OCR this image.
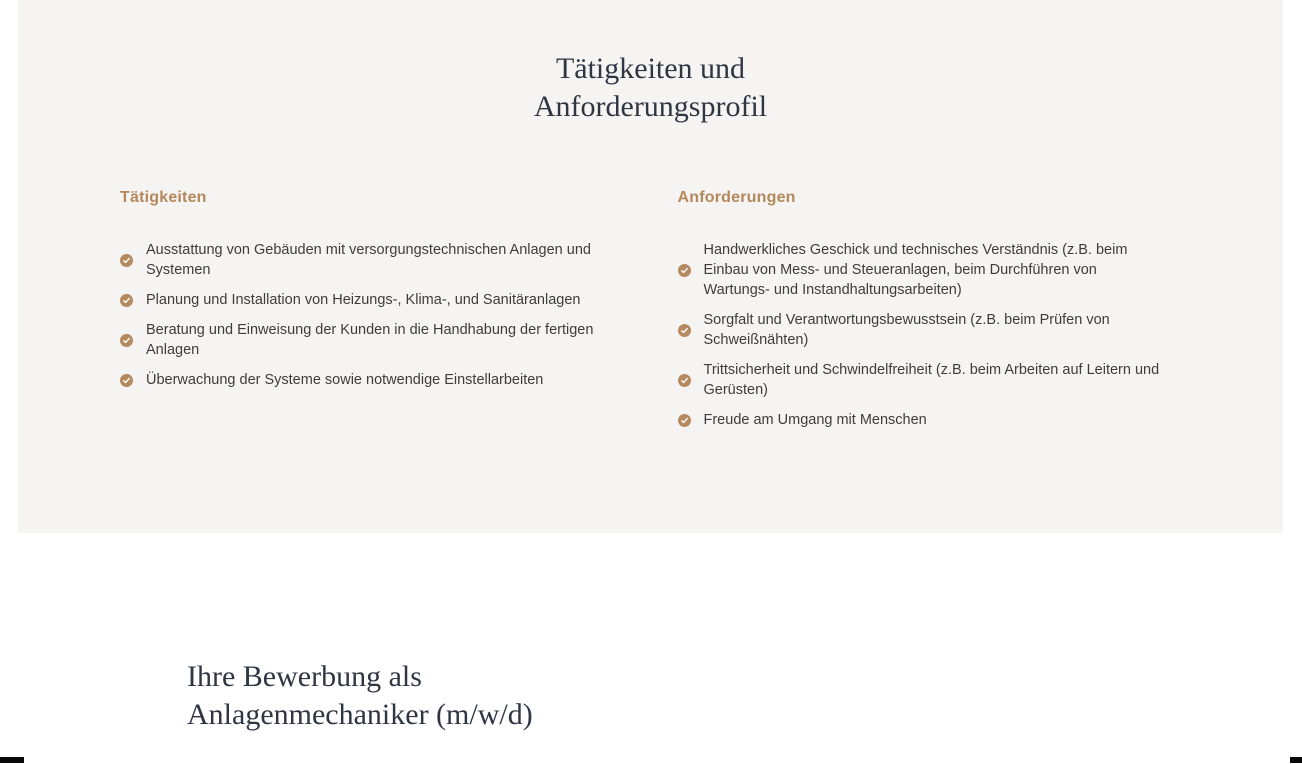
Tätigkeiten und
Anforderungsprofil
Tätigkeiten
Ausstattung von Gebäuden mit versorgungstechnischen Anlagen und Systemen
Planung und Installation von Heizungs-, Klima-, und Sanitäranlagen
Beratung und Einweisung der Kunden in die Handhabung der fertigen Anlagen
Überwachung der Systeme sowie notwendige Einstellarbeiten
Anforderungen
Handwerkliches Geschick und technisches Verständnis (z.B. beim Einbau von Mess- und Steueranlagen, beim Durchführen von Wartungs- und Instandhaltungsarbeiten)
Sorgfalt und Verantwortungsbewusstsein (z.B. beim Prüfen von Schweißnähten)
Trittsicherheit und Schwindelfreiheit (z.B. beim Arbeiten auf Leitern und Gerüsten)
Freude am Umgang mit Menschen
Ihre Bewerbung als
Anlagenmechaniker (m/w/d)
